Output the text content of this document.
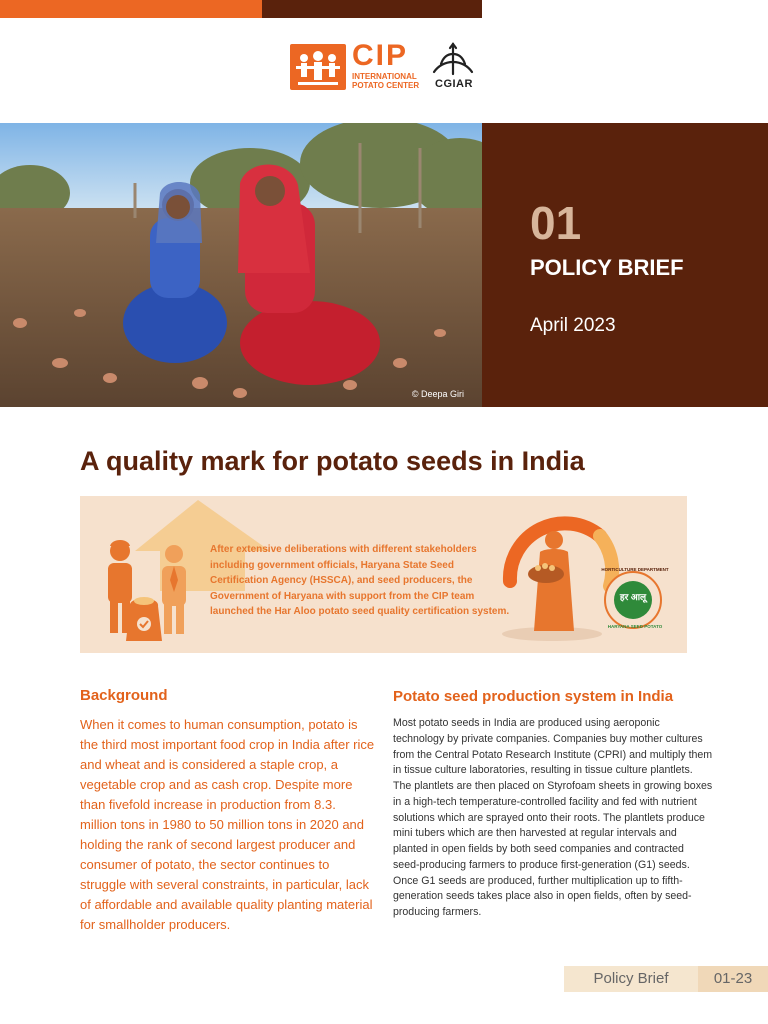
CIP
INTERNATIONAL
POTATO CENTER CGIAR
© Deepa Giri
01
POLICY BRIEF
April 2023
A quality mark for potato seeds in India
After extensive deliberations with different stakeholders including government officials, Haryana State Seed Certification Agency (HSSCA), and seed producers, the Government of Haryana with support from the CIP team launched the Har Aloo potato seed quality certification system.
हर आलू
HORTICULTURE DEPARTMENT
HARYANA SEED POTATO
Background

When it comes to human consumption, potato is the third most important food crop in India after rice and wheat and is considered a staple crop, a vegetable crop and as cash crop. Despite more than fivefold increase in production from 8.3. million tons in 1980 to 50 million tons in 2020 and holding the rank of second largest producer and consumer of potato, the sector continues to struggle with several constraints, in particular, lack of affordable and available quality planting material for smallholder producers.

Potato seed production system in India

Most potato seeds in India are produced using aeroponic technology by private companies. Companies buy mother cultures from the Central Potato Research Institute (CPRI) and multiply them in tissue culture laboratories, resulting in tissue culture plantlets. The plantlets are then placed on Styrofoam sheets in growing boxes in a high-tech temperature-controlled facility and fed with nutrient solutions which are sprayed onto their roots. The plantlets produce mini tubers which are then harvested at regular intervals and planted in open fields by both seed companies and contracted seed-producing farmers to produce first-generation (G1) seeds. Once G1 seeds are produced, further multiplication up to fifth-generation seeds takes place also in open fields, often by seed-producing farmers.

Policy Brief	01-23
